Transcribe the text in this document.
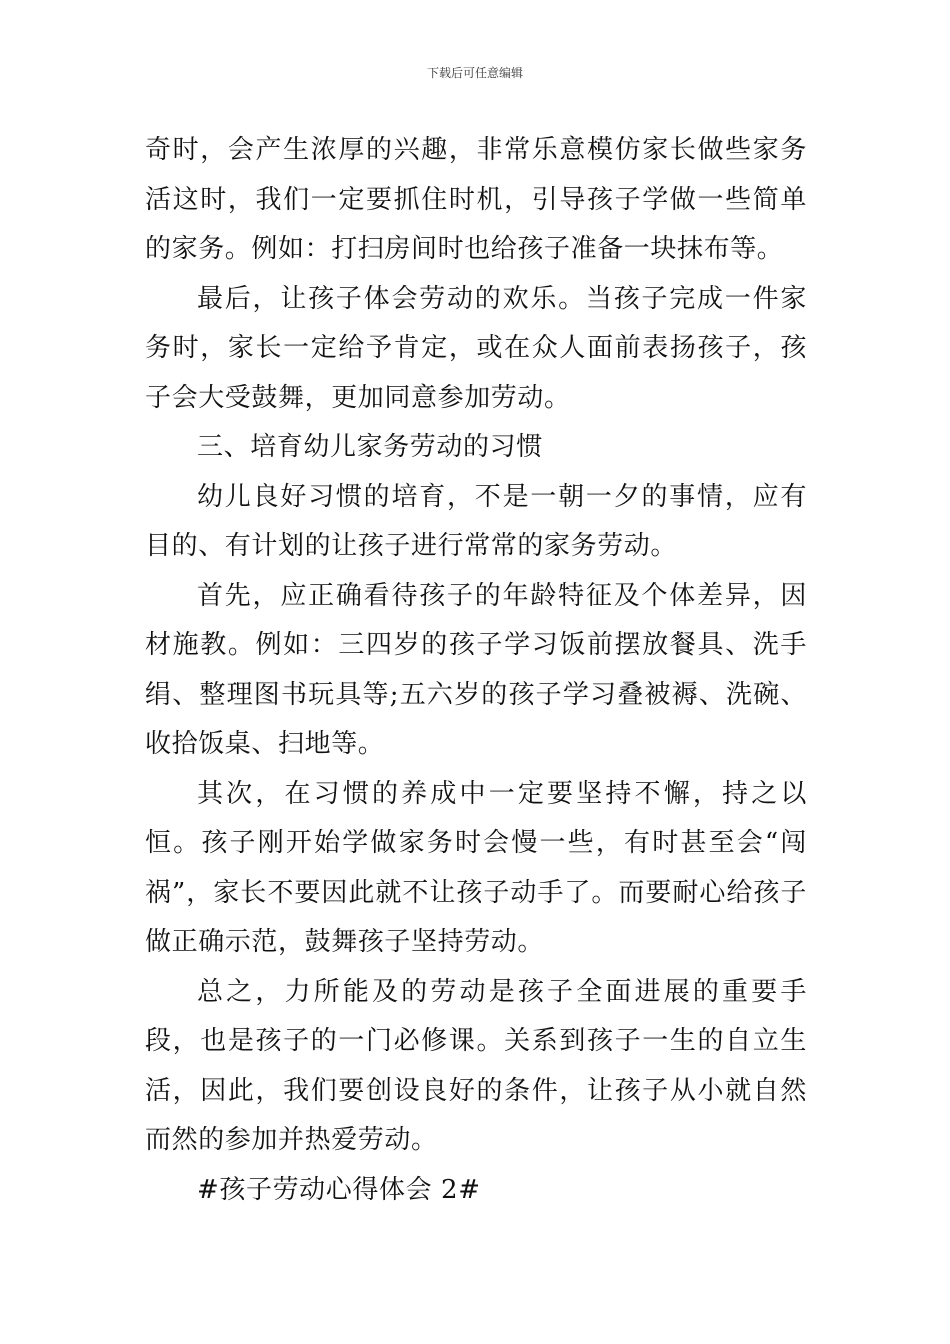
下载后可任意编辑

奇时，会产生浓厚的兴趣，非常乐意模仿家长做些家务活这时，我们一定要抓住时机，引导孩子学做一些简单的家务。例如：打扫房间时也给孩子准备一块抹布等。

最后，让孩子体会劳动的欢乐。当孩子完成一件家务时，家长一定给予肯定，或在众人面前表扬孩子，孩子会大受鼓舞，更加同意参加劳动。

三、培育幼儿家务劳动的习惯

幼儿良好习惯的培育，不是一朝一夕的事情，应有目的、有计划的让孩子进行常常的家务劳动。

首先，应正确看待孩子的年龄特征及个体差异，因材施教。例如：三四岁的孩子学习饭前摆放餐具、洗手绢、整理图书玩具等;五六岁的孩子学习叠被褥、洗碗、收拾饭桌、扫地等。

其次，在习惯的养成中一定要坚持不懈，持之以恒。孩子刚开始学做家务时会慢一些，有时甚至会“闯祸”，家长不要因此就不让孩子动手了。而要耐心给孩子做正确示范，鼓舞孩子坚持劳动。

总之，力所能及的劳动是孩子全面进展的重要手段，也是孩子的一门必修课。关系到孩子一生的自立生活，因此，我们要创设良好的条件，让孩子从小就自然而然的参加并热爱劳动。

#孩子劳动心得体会 2#
